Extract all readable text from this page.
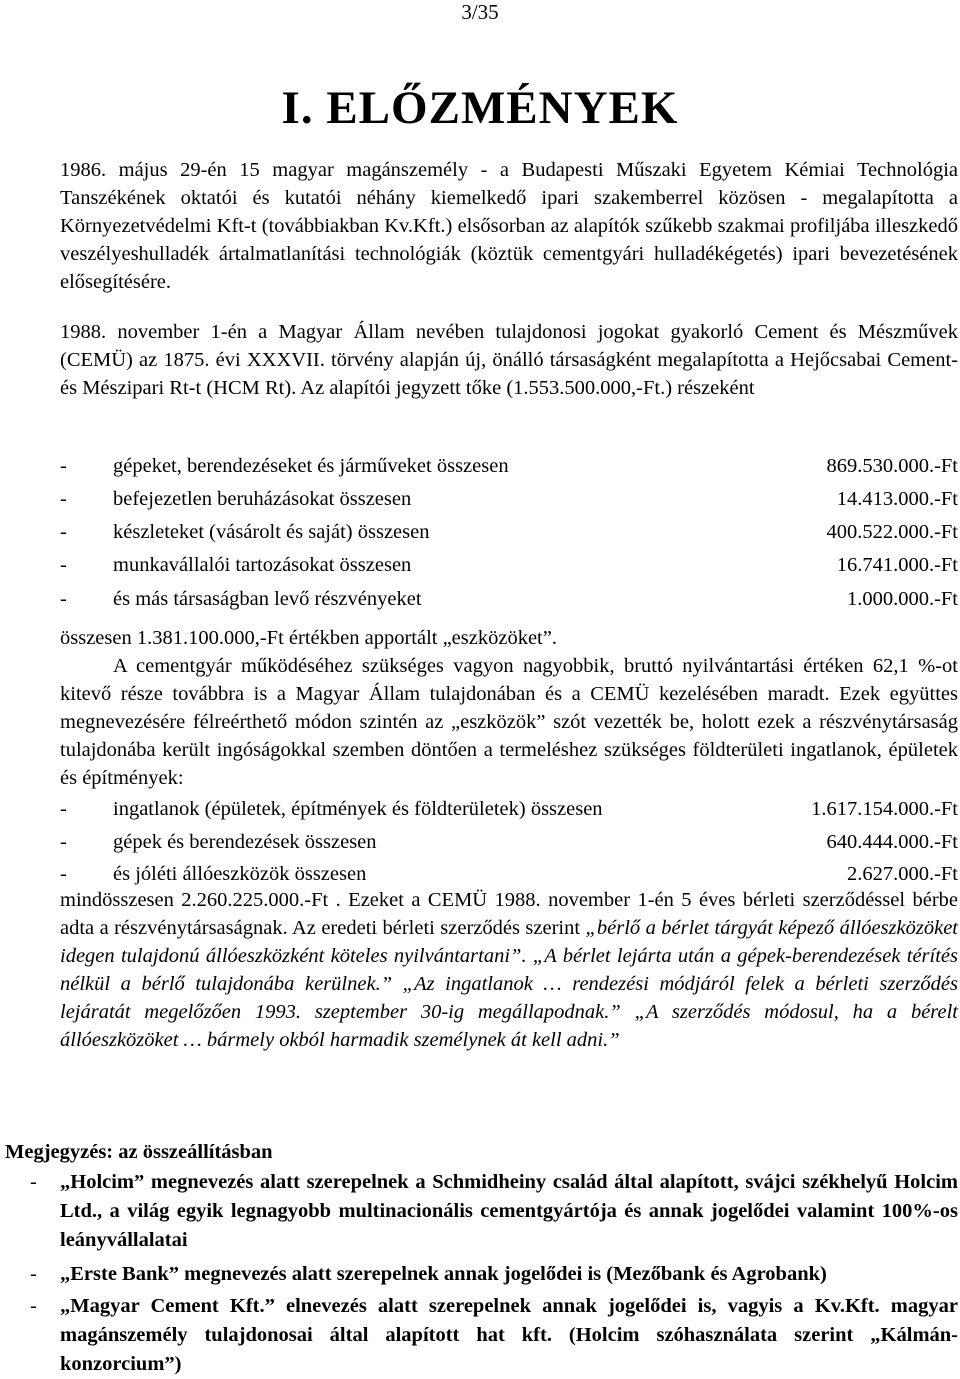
3/35
I. ELŐZMÉNYEK

1986. május 29-én 15 magyar magánszemély - a Budapesti Műszaki Egyetem Kémiai Technológia Tanszékének oktatói és kutatói néhány kiemelkedő ipari szakemberrel közösen - megalapította a Környezetvédelmi Kft-t (továbbiakban Kv.Kft.) elsősorban az alapítók szűkebb szakmai profiljába illeszkedő veszélyeshulladék ártalmatlanítási technológiák (köztük cementgyári hulladékégetés) ipari bevezetésének elősegítésére.

1988. november 1-én a Magyar Állam nevében tulajdonosi jogokat gyakorló Cement és Mészművek (CEMÜ) az 1875. évi XXXVII. törvény alapján új, önálló társaságként megalapította a Hejőcsabai Cement- és Mészipari Rt-t (HCM Rt). Az alapítói jegyzett tőke (1.553.500.000,-Ft.) részeként

- gépeket, berendezéseket és járműveket összesen	869.530.000.-Ft
- befejezetlen beruházásokat összesen	14.413.000.-Ft
- készleteket (vásárolt és saját) összesen	400.522.000.-Ft
- munkavállalói tartozásokat összesen	16.741.000.-Ft
- és más társaságban levő részvényeket	1.000.000.-Ft

összesen 1.381.100.000,-Ft értékben apportált „eszközöket”.

A cementgyár működéséhez szükséges vagyon nagyobbik, bruttó nyilvántartási értéken 62,1 %-ot kitevő része továbbra is a Magyar Állam tulajdonában és a CEMÜ kezelésében maradt. Ezek együttes megnevezésére félreérthető módon szintén az „eszközök” szót vezették be, holott ezek a részvénytársaság tulajdonába került ingóságokkal szemben döntően a termeléshez szükséges földterületi ingatlanok, épületek és építmények:

- ingatlanok (épületek, építmények és földterületek) összesen	1.617.154.000.-Ft
- gépek és berendezések összesen	640.444.000.-Ft
- és jóléti állóeszközök összesen	2.627.000.-Ft

mindösszesen 2.260.225.000.-Ft . Ezeket a CEMÜ 1988. november 1-én 5 éves bérleti szerződéssel bérbe adta a részvénytársaságnak. Az eredeti bérleti szerződés szerint „bérlő a bérlet tárgyát képező állóeszközöket idegen tulajdonú állóeszközként köteles nyilvántartani”. „A bérlet lejárta után a gépek-berendezések térítés nélkül a bérlő tulajdonába kerülnek.” „Az ingatlanok … rendezési módjáról felek a bérleti szerződés lejáratát megelőzően 1993. szeptember 30-ig megállapodnak.” „A szerződés módosul, ha a bérelt állóeszközöket … bármely okból harmadik személynek át kell adni.”

Megjegyzés: az összeállításban
- „Holcim” megnevezés alatt szerepelnek a Schmidheiny család által alapított, svájci székhelyű Holcim Ltd., a világ egyik legnagyobb multinacionális cementgyártója és annak jogelődei valamint 100%-os leányvállalatai
- „Erste Bank” megnevezés alatt szerepelnek annak jogelődei is (Mezőbank és Agrobank)
- „Magyar Cement Kft.” elnevezés alatt szerepelnek annak jogelődei is, vagyis a Kv.Kft. magyar magánszemély tulajdonosai által alapított hat kft. (Holcim szóhasználata szerint „Kálmán-konzorcium”)
